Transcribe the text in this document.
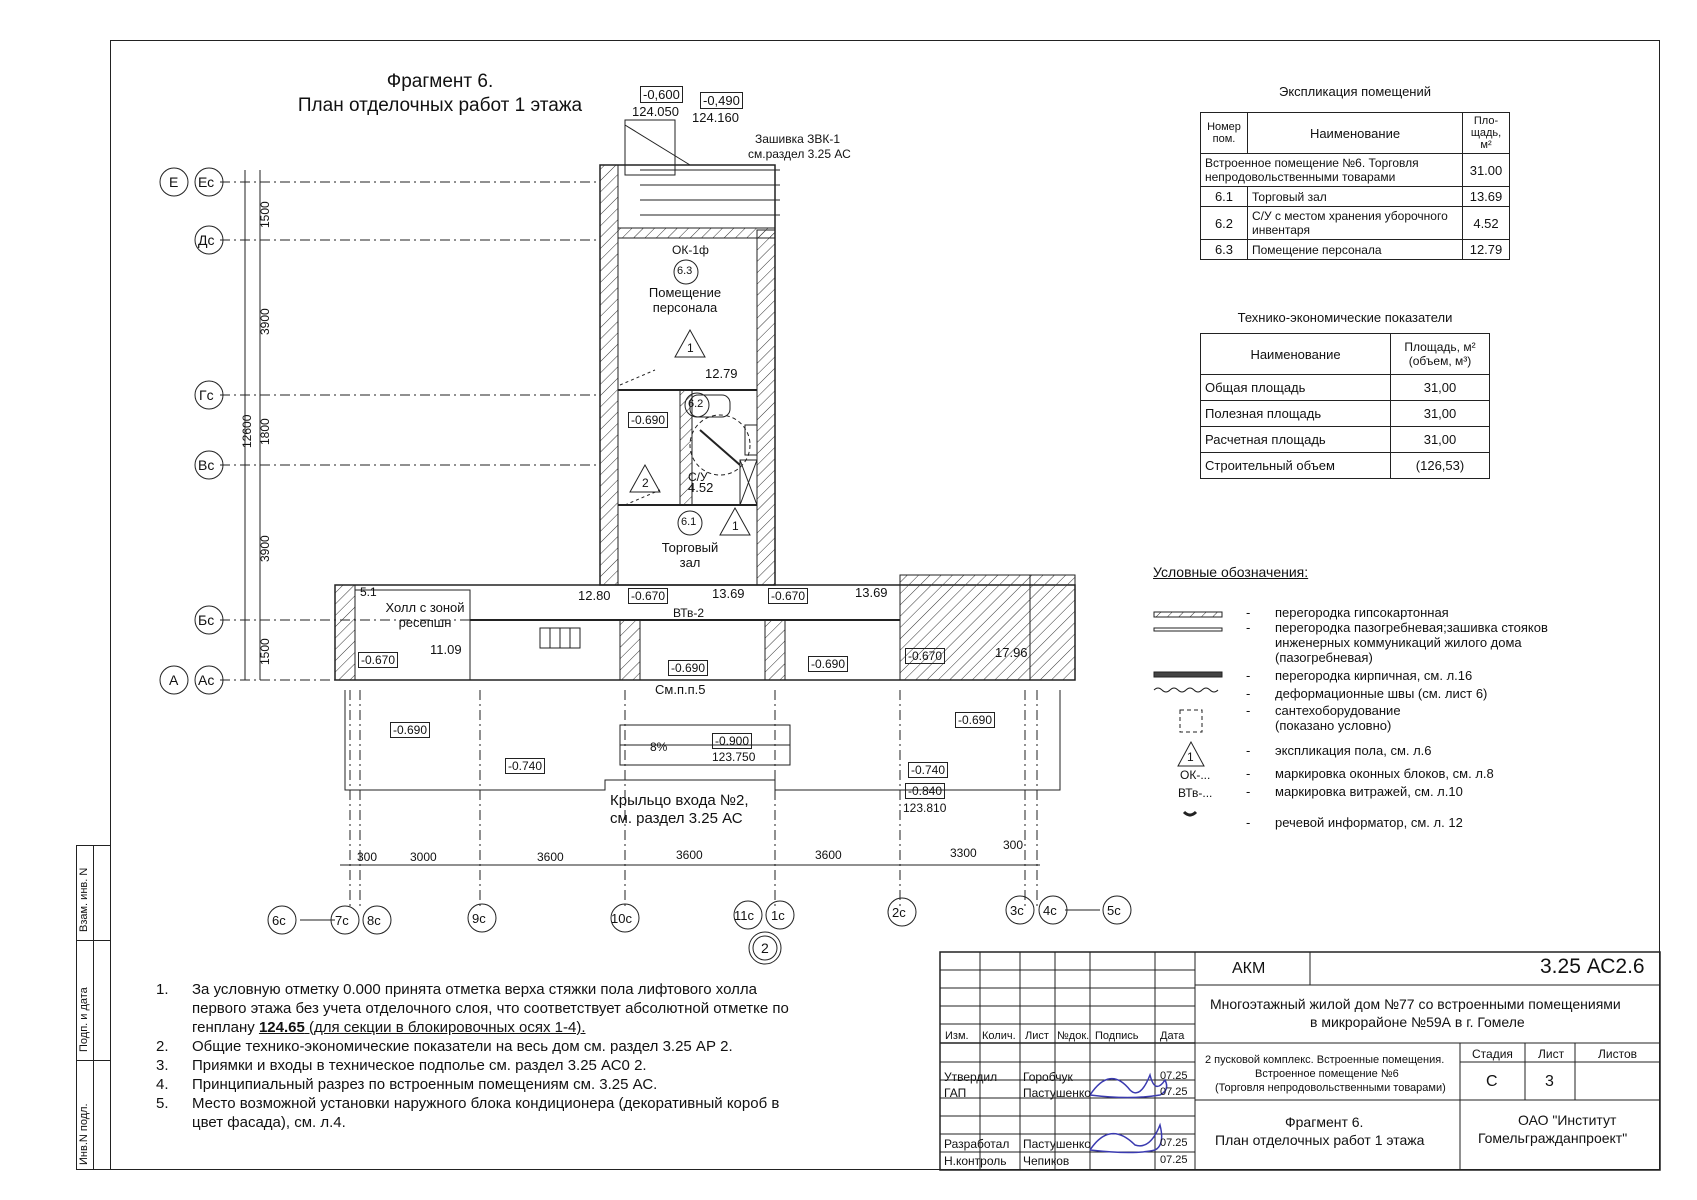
Взам. инв. N
Подп. и дата
Инв.N подл.
Фрагмент 6.
План отделочных работ 1 этажа
-0,600
124.050
-0,490
124.160
Зашивка ЗВК-1
см.раздел 3.25 АС
Е Ес
Дс
Гс
Вс
Бс
А Ас
1500
3900
1800
3900
1500
12600
ОК-1ф
6.3
Помещение персонала
1
12.79
-0.690
6.2
С/У
4.52
2
6.1	1
Торговый зал
13.69
ВТв-2
5.1
Холл с зоной ресепшн
11.09
12.80	13.69
17.96
-0.670
-0.670	-0.670
-0.670
-0.690
-0.690	-0.690
-0.690
-0.740	-0.740
-0.840
123.810
-0.900
123.750
8%
См.п.п.5
Крыльцо входа №2,
см. раздел 3.25 АС
300	3000	3600	3600	3600	3300
300
6с	7с 8с	9с	10с	11с 1с	2с	3с 4с	5с
2
Экспликация помещений
Номер пом.	Наименование	Пло-щадь, м²
Встроенное помещение №6. Торговля непродовольственными товарами		31.00
6.1	Торговый зал	13.69
6.2	С/У с местом хранения уборочного инвентаря	4.52
6.3	Помещение персонала	12.79
Технико-экономические показатели
Наименование	Площадь, м² (объем, м³)
Общая площадь	31,00
Полезная площадь	31,00
Расчетная площадь	31,00
Строительный объем	(126,53)
Условные обозначения:
1
ОК-...
ВТв-...
- перегородка гипсокартонная
- перегородка пазогребневая;зашивка стояков инженерных коммуникаций жилого дома (пазогребневая)
- перегородка кирпичная, см. л.16
- деформационные швы (см. лист 6)
- сантехоборудование (показано условно)
- экспликация пола, см. л.6
- маркировка оконных блоков, см. л.8
- маркировка витражей, см. л.10
- речевой информатор, см. л. 12

1. За условную отметку 0.000 принята отметка верха стяжки пола лифтового холла первого этажа без учета отделочного слоя, что соответствует абсолютной отметке по генплану 124.65 (для секции в блокировочных осях 1-4).

2. Общие технико-экономические показатели на весь дом см. раздел 3.25 АР 2.

3. Приямки и входы в техническое подполье см. раздел 3.25 АС0 2.

4. Принципиальный разрез по встроенным помещениям см. 3.25 АС.

5. Место возможной установки наружного блока кондиционера (декоративный короб в цвет фасада), см. л.4.

АКМ	3.25 АС2.6
Многоэтажный жилой дом №77 со встроенными помещениями
в микрорайоне №59А в г. Гомеле
Изм. Колич. Лист №док. Подпись Дата
Утвердил Горобчук	07.25
ГАП	Пастушенко	07.25
Разработал Пастушенко	07.25
Н.контроль Чепиков	07.25
2 пусковой комплекс. Встроенные помещения.
Встроенное помещение №6
(Торговля непродовольственными товарами)
Стадия Лист	Листов
С	3
Фрагмент 6.
План отделочных работ 1 этажа
ОАО "Институт
Гомельгражданпроект"
